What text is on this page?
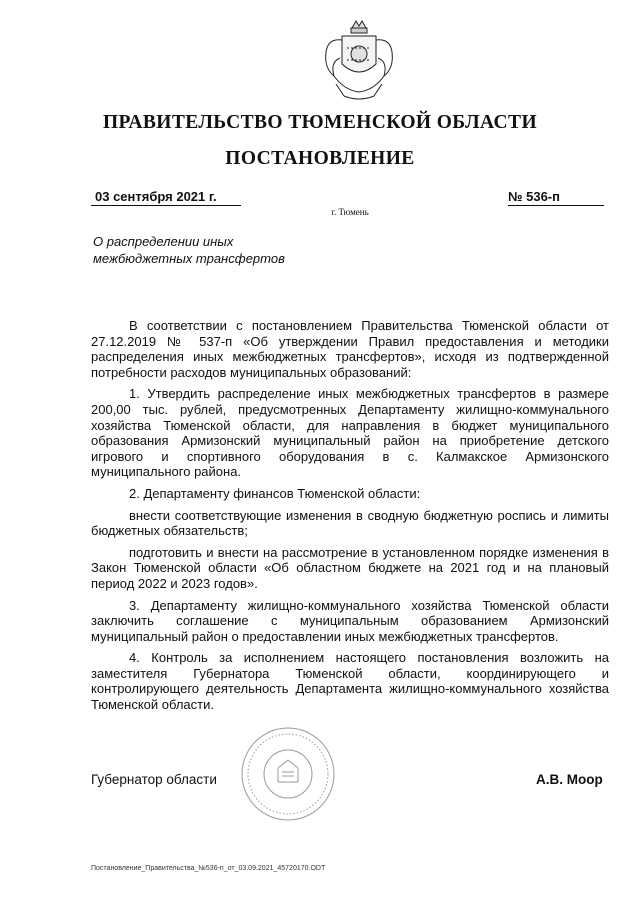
ПРАВИТЕЛЬСТВО ТЮМЕНСКОЙ ОБЛАСТИ
ПОСТАНОВЛЕНИЕ
03 сентября 2021 г.	№ 536-п
г. Тюмень
О распределении иных
межбюджетных трансфертов

В соответствии с постановлением Правительства Тюменской области от 27.12.2019 № 537-п «Об утверждении Правил предоставления и методики распределения иных межбюджетных трансфертов», исходя из подтвержденной потребности расходов муниципальных образований:

1. Утвердить распределение иных межбюджетных трансфертов в размере 200,00 тыс. рублей, предусмотренных Департаменту жилищно-коммунального хозяйства Тюменской области, для направления в бюджет муниципального образования Армизонский муниципальный район на приобретение детского игрового и спортивного оборудования в с. Калмакское Армизонского муниципального района.

2. Департаменту финансов Тюменской области:

внести соответствующие изменения в сводную бюджетную роспись и лимиты бюджетных обязательств;

подготовить и внести на рассмотрение в установленном порядке изменения в Закон Тюменской области «Об областном бюджете на 2021 год и на плановый период 2022 и 2023 годов».

3. Департаменту жилищно-коммунального хозяйства Тюменской области заключить соглашение с муниципальным образованием Армизонский муниципальный район о предоставлении иных межбюджетных трансфертов.

4. Контроль за исполнением настоящего постановления возложить на заместителя Губернатора Тюменской области, координирующего и контролирующего деятельность Департамента жилищно-коммунального хозяйства Тюменской области.

Губернатор области	А.В. Моор
Постановление_Правительства_№536-п_от_03.09.2021_45720170.ODT
